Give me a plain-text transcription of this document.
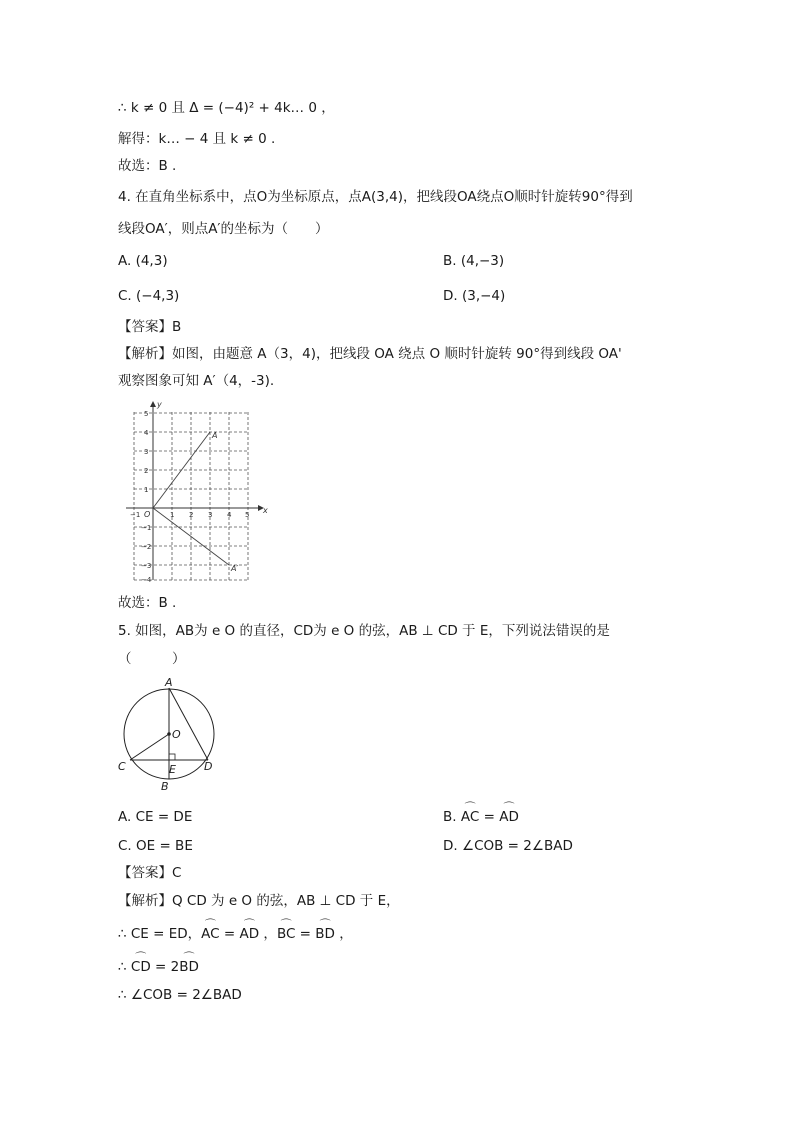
∴ k ≠ 0 且 Δ = (−4)² + 4k… 0 ，
解得：k… − 4 且 k ≠ 0 .
故选：B .
4. 在直角坐标系中，点O为坐标原点，点A(3,4)，把线段OA绕点O顺时针旋转90°得到
线段OA′，则点A′的坐标为（　　）
A. (4,3)	B. (4,−3)
C. (−4,3)	D. (3,−4)
【答案】B
【解析】如图，由题意 A（3，4)，把线段 OA 绕点 O 顺时针旋转 90°得到线段 OA'
观察图象可知 A′（4，-3).
x
y
O
A
A′
−1	1 2 3 4 5
5
4
3
2
1
−1
−2
−3
−4
故选：B .
5. 如图，AB为 e O 的直径，CD为 e O 的弦，AB ⊥ CD 于 E，下列说法错误的是
（　　　）
A
O
C	E	D
B
A. CE = DE	B. ⌒ AC = ⌒ AD
C. OE = BE	D. ∠COB = 2∠BAD
【答案】C
【解析】Q CD 为 e O 的弦，AB ⊥ CD 于 E，
∴ CE = ED，⌒ AC = ⌒ AD ，⌒ BC = ⌒ BD ，
∴ ⌒ CD = 2⌒ BD
∴ ∠COB = 2∠BAD
